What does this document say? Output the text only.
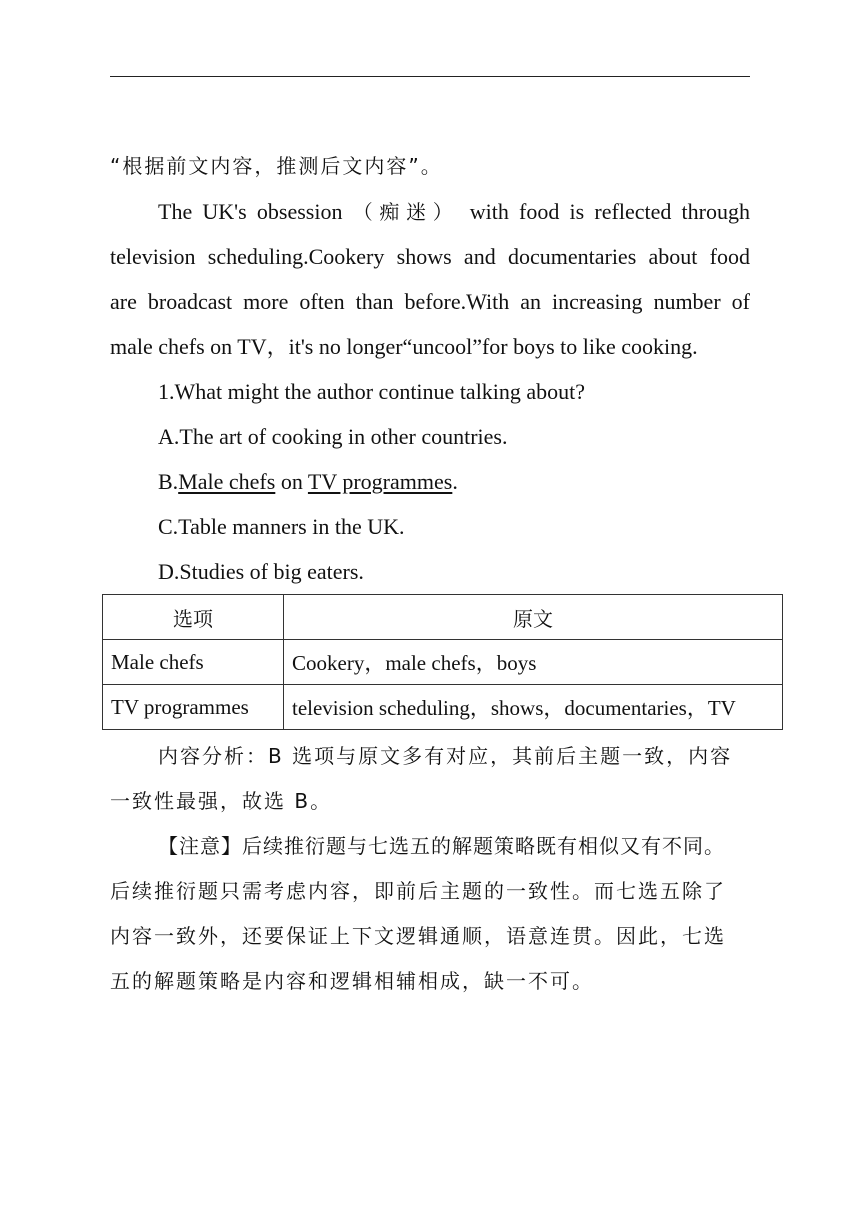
“根据前文内容，推测后文内容”。
The UK's obsession （痴迷） with food is reflected through
television scheduling.Cookery shows and documentaries about food
are broadcast more often than before.With an increasing number of
male chefs on TV，it's no longer“uncool”for boys to like cooking.
1.What might the author continue talking about?
A.The art of cooking in other countries.
B.Male chefs on TV programmes.
C.Table manners in the UK.
D.Studies of big eaters.
选项	原文
Male chefs	Cookery，male chefs，boys
TV programmes	television scheduling，shows，documentaries，TV
内容分析：B 选项与原文多有对应，其前后主题一致，内容
一致性最强，故选 B。
【注意】后续推衍题与七选五的解题策略既有相似又有不同。
后续推衍题只需考虑内容，即前后主题的一致性。而七选五除了
内容一致外，还要保证上下文逻辑通顺，语意连贯。因此，七选
五的解题策略是内容和逻辑相辅相成，缺一不可。
